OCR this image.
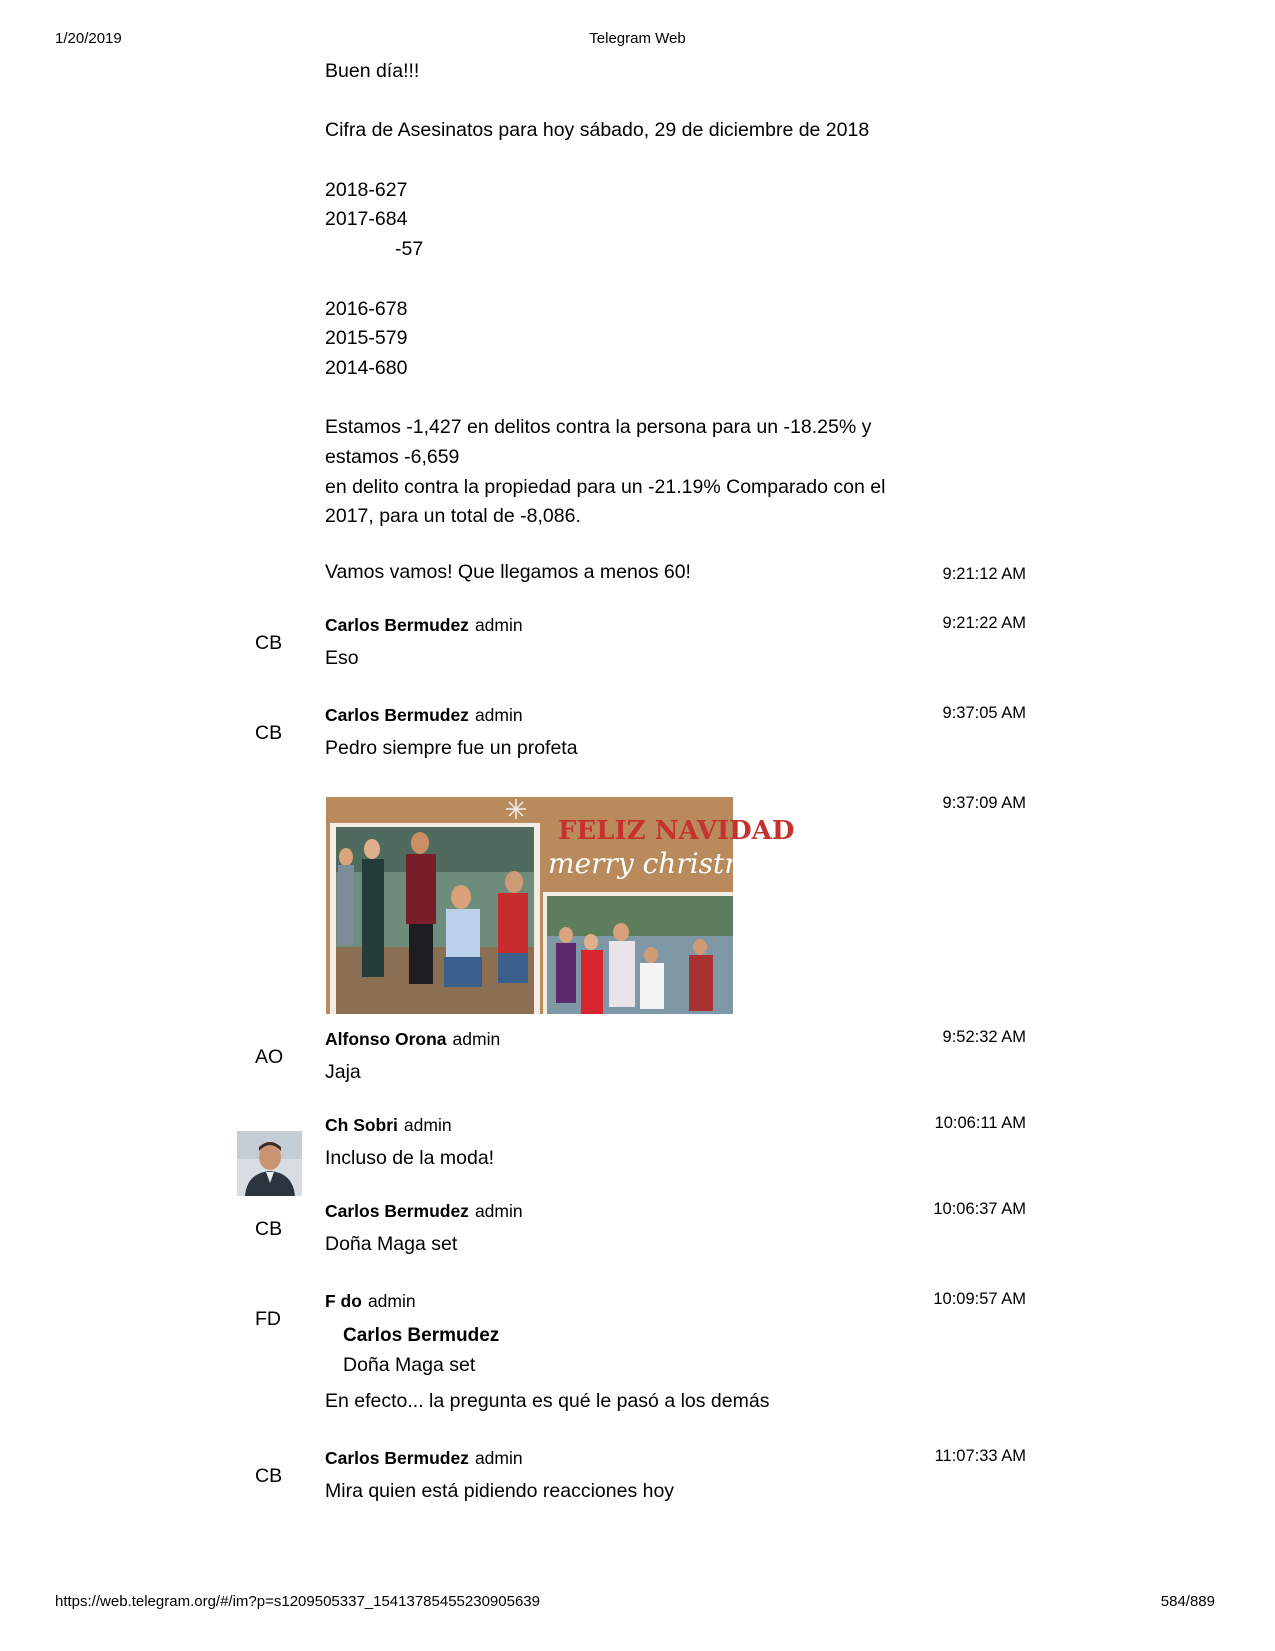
1/20/2019	Telegram Web
Buen día!!!
Cifra de Asesinatos para hoy sábado, 29 de diciembre de 2018
2018-627
2017-684
-57
2016-678
2015-579
2014-680
Estamos -1,427 en delitos contra la persona para un -18.25% y
estamos -6,659
en delito contra la propiedad para un -21.19% Comparado con el
2017, para un total de -8,086.
Vamos vamos! Que llegamos a menos 60!	9:21:12 AM
CB
Carlos Bermudez admin	9:21:22 AM
Eso
CB
Carlos Bermudez admin	9:37:05 AM
Pedro siempre fue un profeta
9:37:09 AM
FELIZ NAVIDAD
merry christm
AO
Alfonso Orona admin	9:52:32 AM
Jaja
Ch Sobri admin	10:06:11 AM
Incluso de la moda!
CB
Carlos Bermudez admin	10:06:37 AM
Doña Maga set
FD
F do admin	10:09:57 AM
Carlos Bermudez
Doña Maga set
En efecto... la pregunta es qué le pasó a los demás
CB
Carlos Bermudez admin	11:07:33 AM
Mira quien está pidiendo reacciones hoy
https://web.telegram.org/#/im?p=s1209505337_15413785455230905639	584/889
